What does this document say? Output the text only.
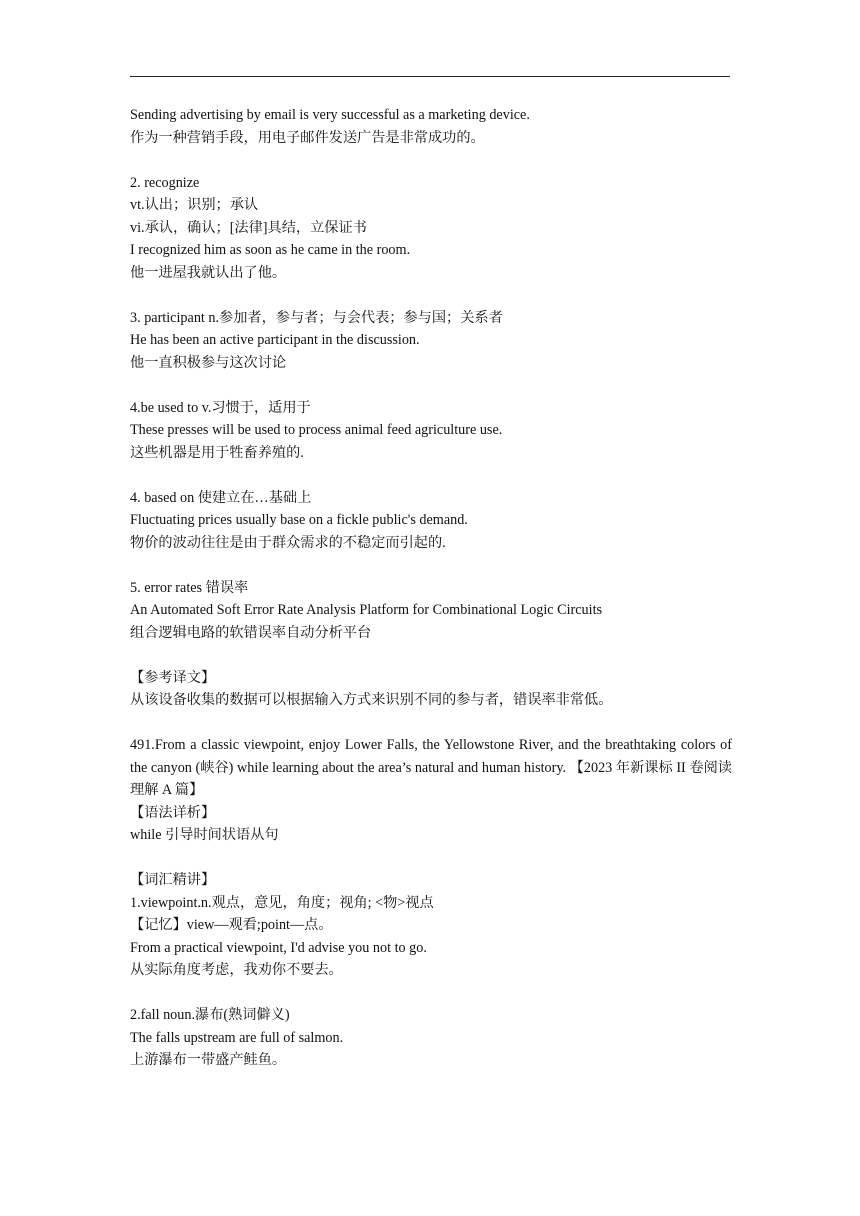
Sending advertising by email is very successful as a marketing device.
作为一种营销手段，用电子邮件发送广告是非常成功的。
2. recognize
vt.认出；识别；承认
vi.承认，确认；[法律]具结，立保证书
I recognized him as soon as he came in the room.
他一进屋我就认出了他。
3. participant n.参加者，参与者；与会代表；参与国；关系者
He has been an active participant in the discussion.
他一直积极参与这次讨论
4.be used to v.习惯于，适用于
These presses will be used to process animal feed agriculture use.
这些机器是用于牲畜养殖的.
4. based on 使建立在…基础上
Fluctuating prices usually base on a fickle public's demand.
物价的波动往往是由于群众需求的不稳定而引起的.
5. error rates 错误率
An Automated Soft Error Rate Analysis Platform for Combinational Logic Circuits
组合逻辑电路的软错误率自动分析平台
【参考译文】
从该设备收集的数据可以根据输入方式来识别不同的参与者，错误率非常低。
491.From a classic viewpoint, enjoy Lower Falls, the Yellowstone River, and the breathtaking colors of the canyon (峡谷) while learning about the area’s natural and human history. 【2023 年新课标 II 卷阅读理解 A 篇】
【语法详析】
while 引导时间状语从句
【词汇精讲】
1.viewpoint.n.观点，意见，角度；视角; <物>视点
【记忆】view—观看;point—点。
From a practical viewpoint, I'd advise you not to go.
从实际角度考虑，我劝你不要去。
2.fall noun.瀑布(熟词僻义)
The falls upstream are full of salmon.
上游瀑布一带盛产鲑鱼。
